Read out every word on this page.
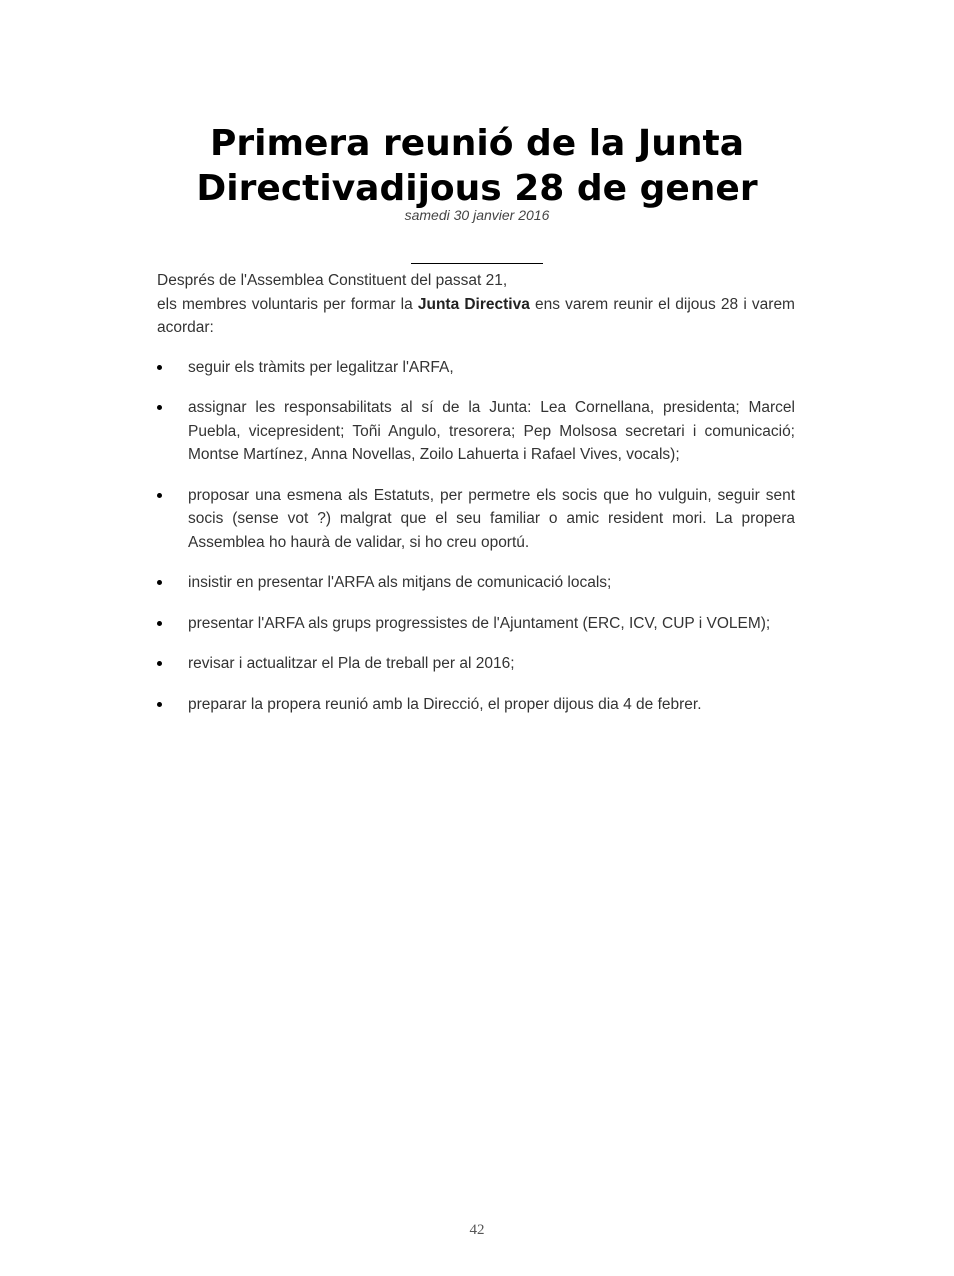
Primera reunió de la Junta Directivadijous 28 de gener
samedi 30 janvier 2016

Després de l'Assemblea Constituent del passat 21,
els membres voluntaris per formar la Junta Directiva ens varem reunir el dijous 28 i varem acordar:

seguir els tràmits per legalitzar l'ARFA,
assignar les responsabilitats al sí de la Junta: Lea Cornellana, presidenta; Marcel Puebla, vicepresident; Toñi Angulo, tresorera; Pep Molsosa secretari i comunicació; Montse Martínez, Anna Novellas, Zoilo Lahuerta i Rafael Vives, vocals);
proposar una esmena als Estatuts, per permetre els socis que ho vulguin, seguir sent socis (sense vot ?) malgrat que el seu familiar o amic resident mori. La propera Assemblea ho haurà de validar, si ho creu oportú.
insistir en presentar l'ARFA als mitjans de comunicació locals;
presentar l'ARFA als grups progressistes de l'Ajuntament (ERC, ICV, CUP i VOLEM);
revisar i actualitzar el Pla de treball per al 2016;
preparar la propera reunió amb la Direcció, el proper dijous dia 4 de febrer.
42
